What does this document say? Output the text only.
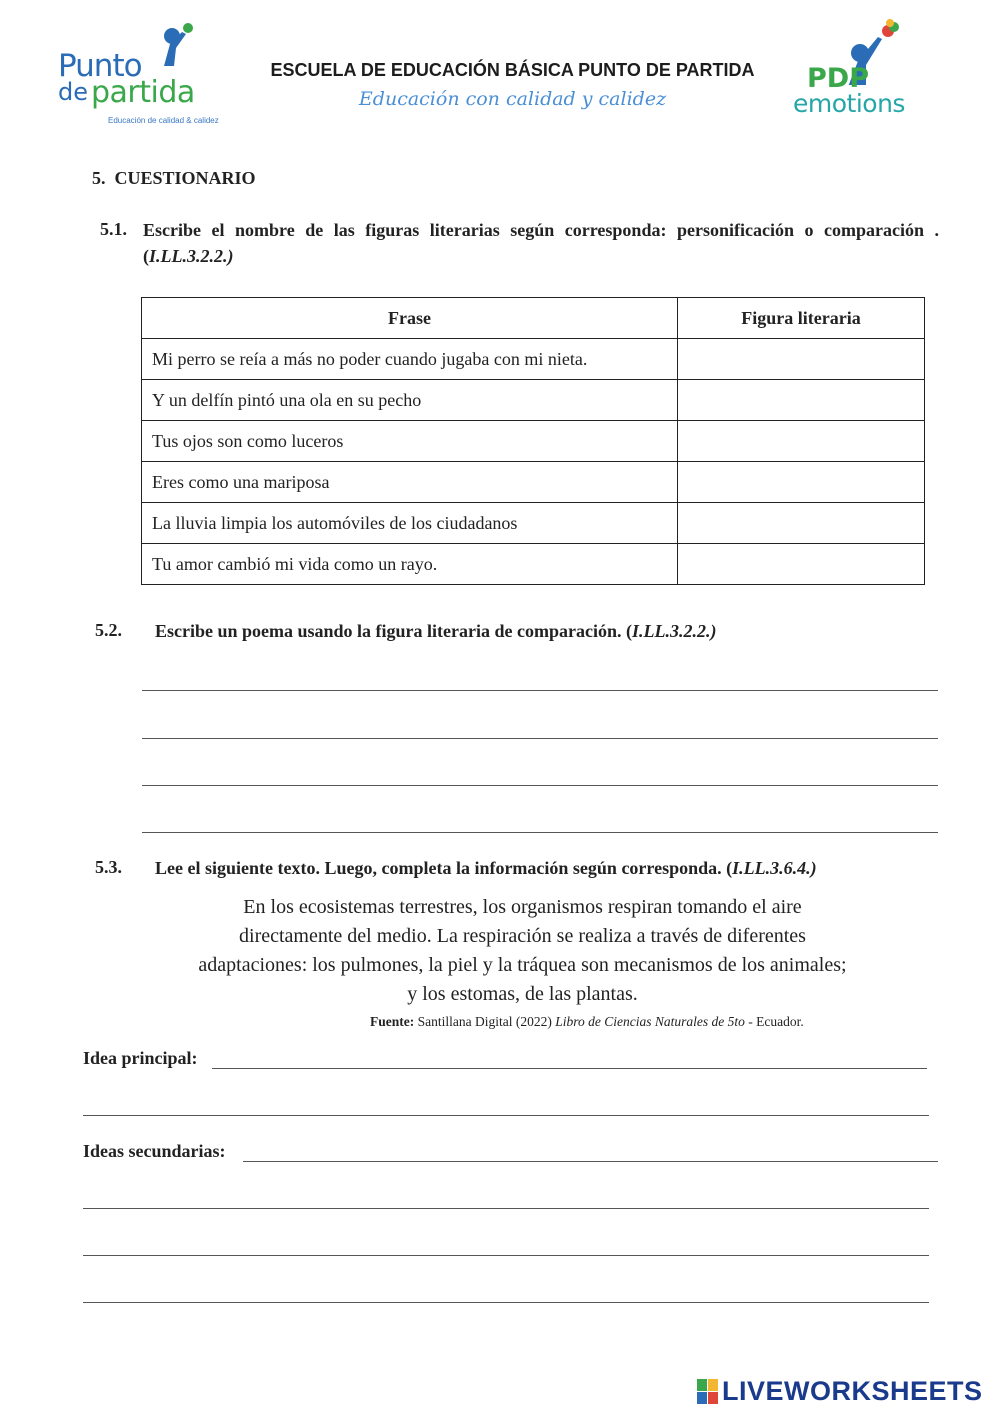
Punto
de partida
Educación de calidad & calidez
ESCUELA DE EDUCACIÓN BÁSICA PUNTO DE PARTIDA
Educación con calidad y calidez
PDP
emotions
5. CUESTIONARIO
5.1. Escribe el nombre de las figuras literarias según corresponda: personificación o comparación . (I.LL.3.2.2.)
Frase	Figura literaria
Mi perro se reía a más no poder cuando jugaba con mi nieta.	
Y un delfín pintó una ola en su pecho	
Tus ojos son como luceros	
Eres como una mariposa	
La lluvia limpia los automóviles de los ciudadanos	
Tu amor cambió mi vida como un rayo.	
5.2. Escribe un poema usando la figura literaria de comparación. (I.LL.3.2.2.)
5.3. Lee el siguiente texto. Luego, completa la información según corresponda. (I.LL.3.6.4.)
En los ecosistemas terrestres, los organismos respiran tomando el aire directamente del medio. La respiración se realiza a través de diferentes adaptaciones: los pulmones, la piel y la tráquea son mecanismos de los animales; y los estomas, de las plantas.
Fuente: Santillana Digital (2022) Libro de Ciencias Naturales de 5to - Ecuador.
Idea principal:
Ideas secundarias:
LIVEWORKSHEETS
